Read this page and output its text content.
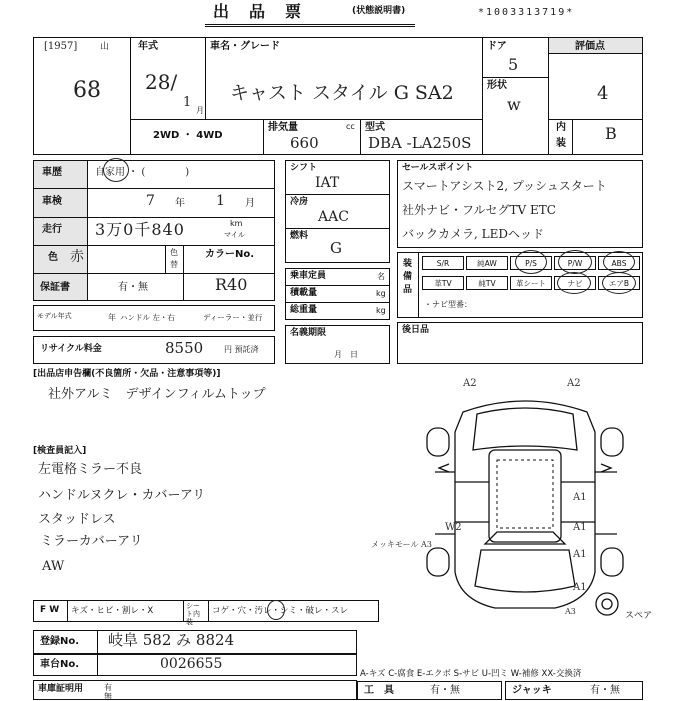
出　品　票	(状態説明書)	*1003313719*
[1957]	山
68
年式
28/
1
月
車名・グレード
キャスト スタイル G SA2
ドア
5
形状
w
評価点
4
2WD ・ 4WD
排気量	cc
660
型式
DBA -LA250S
内
装
B
車歴	自家用 ・ (　　　　)
車検	7 年 1 月
走行 3万0千840	km
マイル
色 赤	色
替
カラーNo.
R40
保証書	有・無
モデル年式	年 ハンドル 左・右	ディーラー・並行
リサイクル料金	8550	円 預託済
シフト
IAT
冷房
AAC
燃料
G
乗車定員	名
積載量	kg
総重量	kg
名義期限
月　日
セールスポイント
スマートアシスト2, プッシュスタート
社外ナビ・フルセグTV ETC
バックカメラ, LEDヘッド
装備品
S/R	純AW	P/S	P/W	ABS
革TV	純TV	革シート	ナビ	エアB
・ナビ型番：
後日品
[出品店申告欄(不良箇所・欠品・注意事項等)]
社外アルミ　デザインフィルムトップ
[検査員記入]
左電格ミラー不良
ハンドルヌクレ・カバーアリ
スタッドレス
ミラーカバーアリ
AW
A2	A2
A1
A1
W2
A1
A1
メッキモール A3
A3	スペア
F W キズ・ヒビ・割レ・X	シート内装
コゲ・穴・汚レ・シミ・破レ・スレ
登録No. 岐阜 582 み 8824
車台No.	0026655
車庫証明用	有
無
A-キズ C-腐食 E-エクボ S-サビ U-凹ミ W-補修 XX-交換済
工　具	有・無	ジャッキ	有・無
